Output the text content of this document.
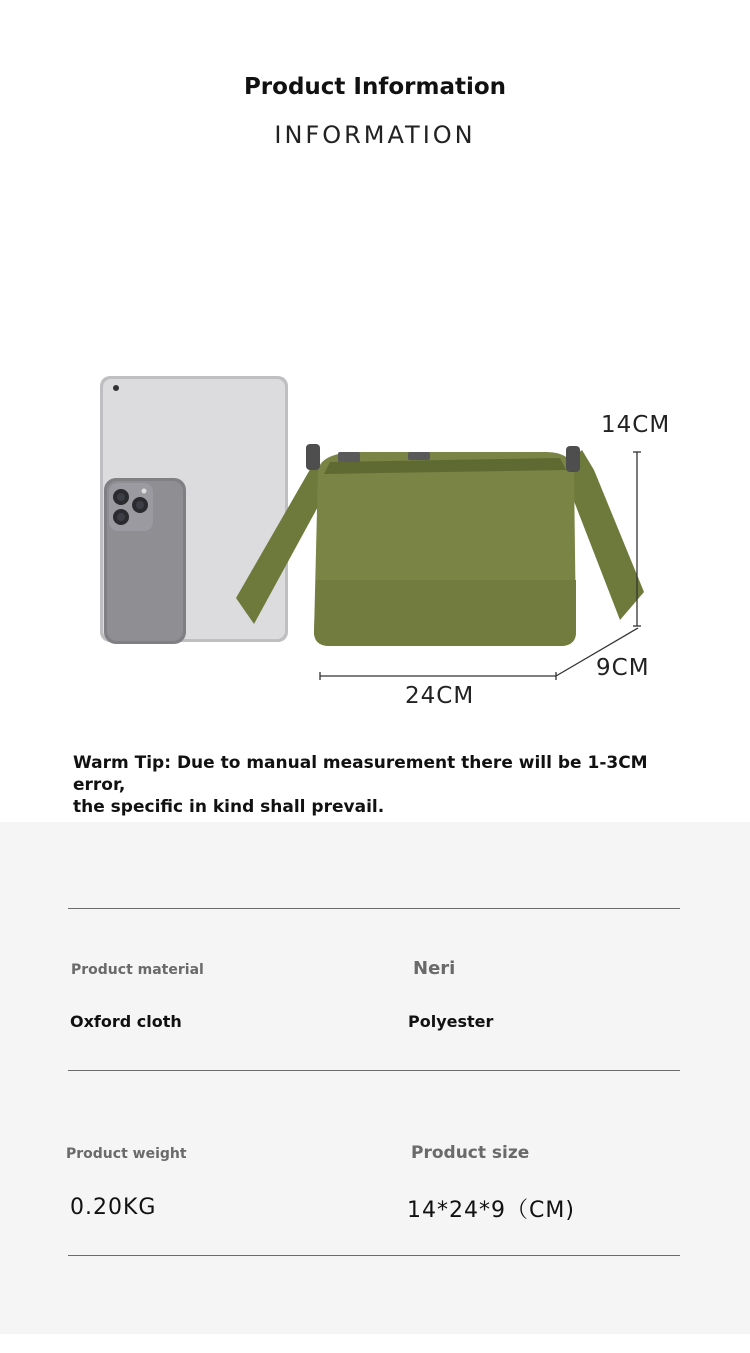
Product Information
INFORMATION
14CM
24CM
9CM
Warm Tip: Due to manual measurement there will be 1-3CM error,
the specific in kind shall prevail.
Product material	Neri
Oxford cloth	Polyester
Product weight	Product size
0.20KG	14*24*9（CM)
